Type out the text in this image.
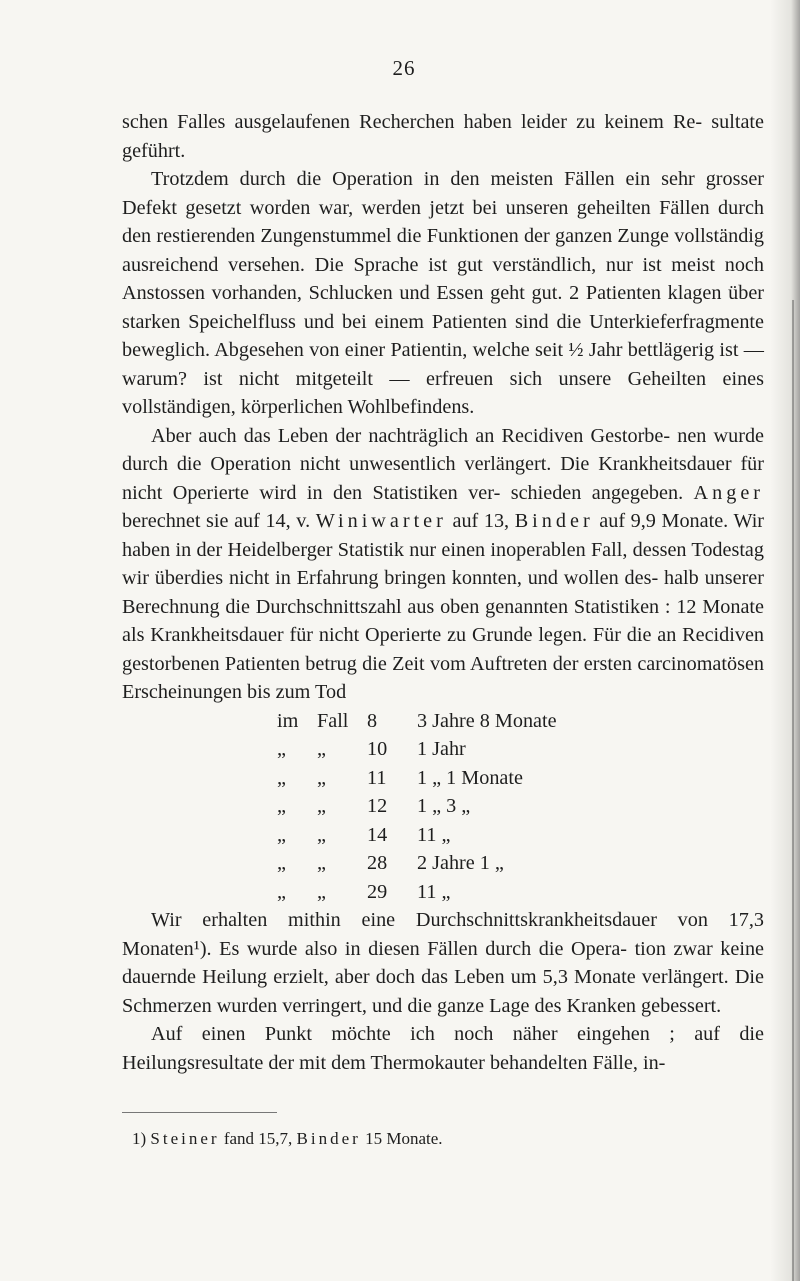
26

schen Falles ausgelaufenen Recherchen haben leider zu keinem Re- sultate geführt.

Trotzdem durch die Operation in den meisten Fällen ein sehr grosser Defekt gesetzt worden war, werden jetzt bei unseren geheilten Fällen durch den restierenden Zungenstummel die Funktionen der ganzen Zunge vollständig ausreichend versehen. Die Sprache ist gut verständlich, nur ist meist noch Anstossen vorhanden, Schlucken und Essen geht gut. 2 Patienten klagen über starken Speichelfluss und bei einem Patienten sind die Unterkieferfragmente beweglich. Abgesehen von einer Patientin, welche seit ½ Jahr bettlägerig ist — warum? ist nicht mitgeteilt — erfreuen sich unsere Geheilten eines vollständigen, körperlichen Wohlbefindens.

Aber auch das Leben der nachträglich an Recidiven Gestorbe- nen wurde durch die Operation nicht unwesentlich verlängert. Die Krankheitsdauer für nicht Operierte wird in den Statistiken ver- schieden angegeben. Anger berechnet sie auf 14, v. Winiwarter auf 13, Binder auf 9,9 Monate. Wir haben in der Heidelberger Statistik nur einen inoperablen Fall, dessen Todestag wir überdies nicht in Erfahrung bringen konnten, und wollen des- halb unserer Berechnung die Durchschnittszahl aus oben genannten Statistiken : 12 Monate als Krankheitsdauer für nicht Operierte zu Grunde legen. Für die an Recidiven gestorbenen Patienten betrug die Zeit vom Auftreten der ersten carcinomatösen Erscheinungen bis zum Tod

im	Fall	8	3 Jahre 8 Monate
„	„	10	1 Jahr
„	„	11	1 „ 1 Monate
„	„	12	1 „ 3 „
„	„	14	11 „
„	„	28	2 Jahre 1 „
„	„	29	11 „

Wir erhalten mithin eine Durchschnittskrankheitsdauer von 17,3 Monaten¹). Es wurde also in diesen Fällen durch die Opera- tion zwar keine dauernde Heilung erzielt, aber doch das Leben um 5,3 Monate verlängert. Die Schmerzen wurden verringert, und die ganze Lage des Kranken gebessert.

Auf einen Punkt möchte ich noch näher eingehen ; auf die Heilungsresultate der mit dem Thermokauter behandelten Fälle, in-

1) Steiner fand 15,7, Binder 15 Monate.
